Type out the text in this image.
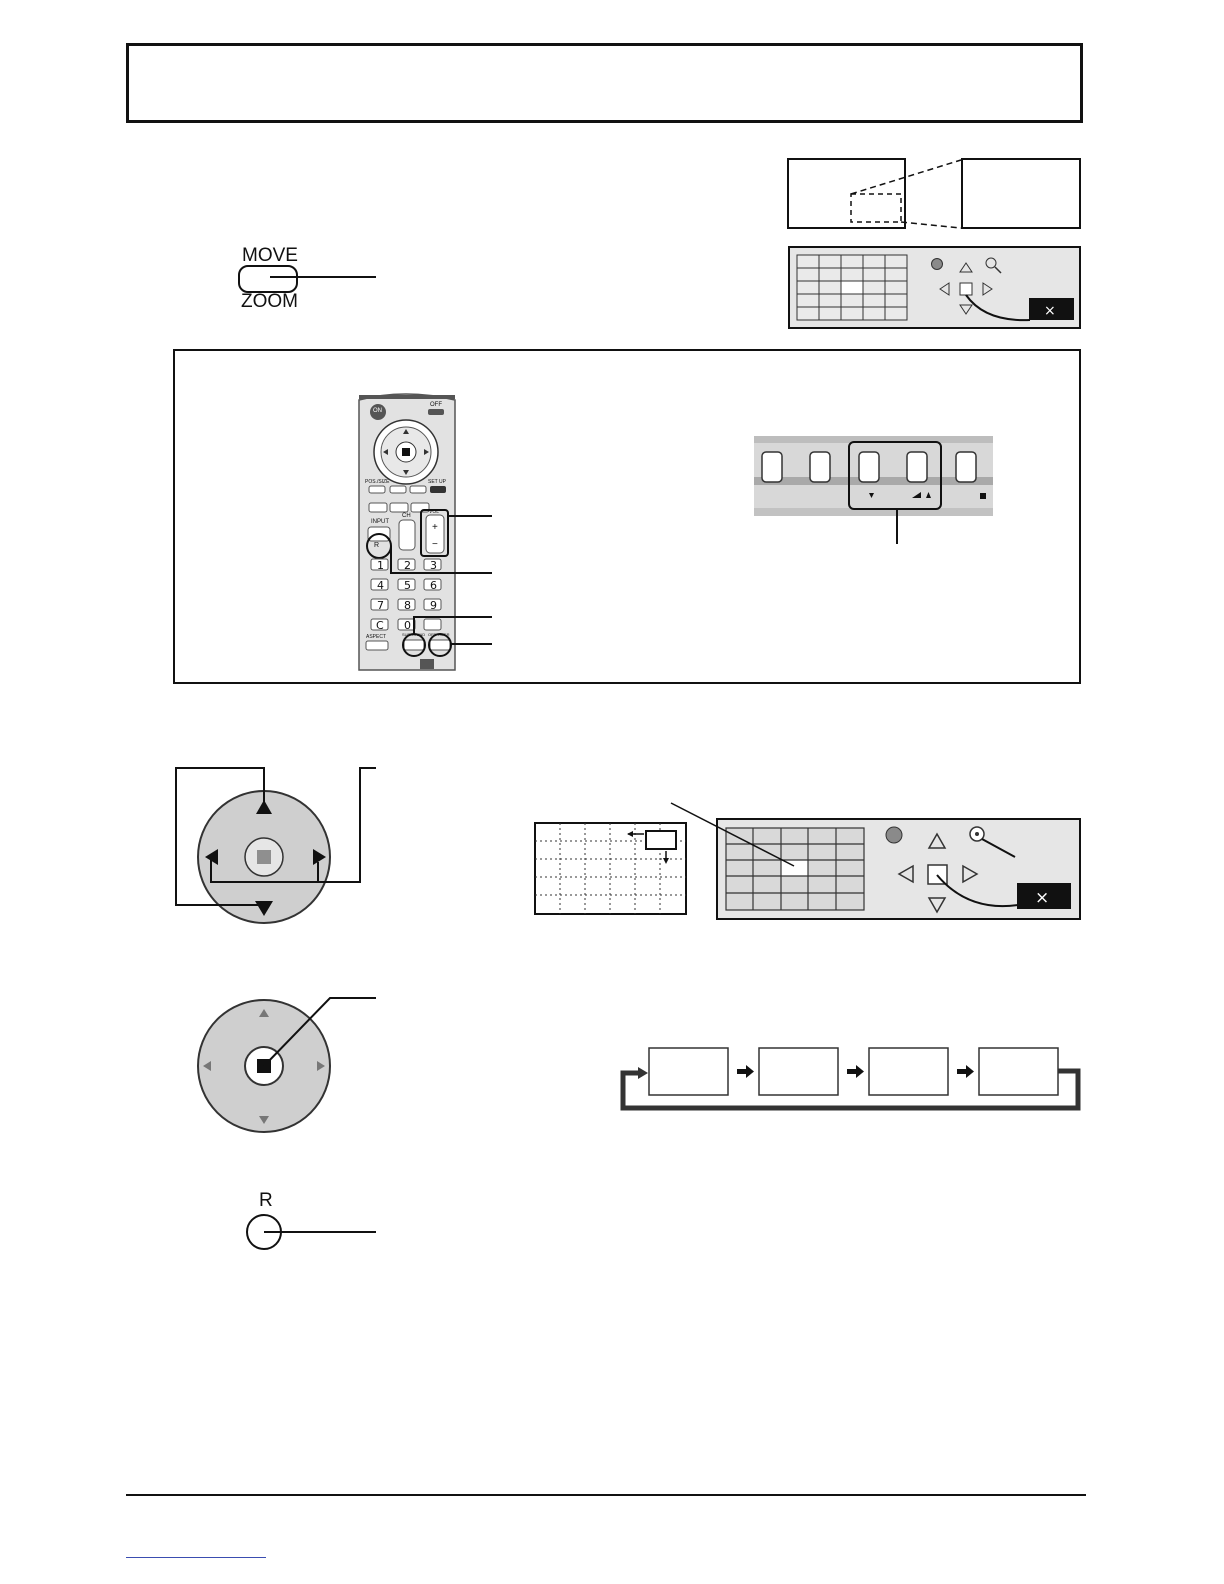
MOVE
ZOOM	×
+
−
2 3
1
4 5 6
7 8 9
C 0
ON
OFF
INPUT
CH
VOL
SET UP
POS./SIZE
SURROUND OFF TIMER
ASPECT
R
×
R
